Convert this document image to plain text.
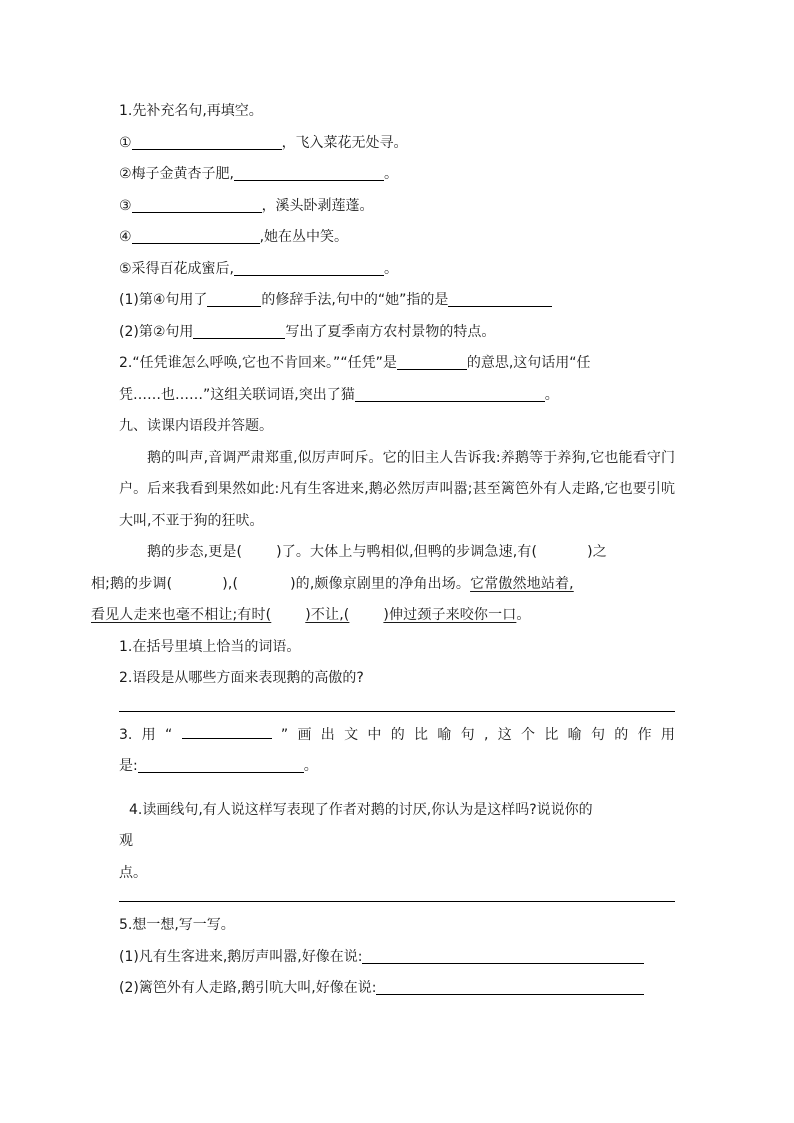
1.先补充名句,再填空。
①	，飞入菜花无处寻。
②梅子金黄杏子肥,	。
③	，溪头卧剥莲蓬。
④	,她在丛中笑。
⑤采得百花成蜜后,	。
(1)第④句用了	的修辞手法,句中的“她”指的是
(2)第②句用	写出了夏季南方农村景物的特点。
2.“任凭谁怎么呼唤,它也不肯回来。”“任凭”是	的意思,这句话用“任
凭……也……”这组关联词语,突出了猫	。
九、读课内语段并答题。
鹅的叫声,音调严肃郑重,似厉声呵斥。它的旧主人告诉我:养鹅等于养狗,它也能看守门户。后来我看到果然如此:凡有生客进来,鹅必然厉声叫嚣;甚至篱笆外有人走路,它也要引吭大叫,不亚于狗的狂吠。
鹅的步态,更是( )了。大体上与鸭相似,但鸭的步调急速,有(	)之
相;鹅的步调(	),(	)的,颇像京剧里的净角出场。它常傲然地站着,
看见人走来也毫不相让;有时( )不让,( )伸过颈子来咬你一口。
1.在括号里填上恰当的词语。
2.语段是从哪些方面来表现鹅的高傲的?
3. 用 “	” 画 出 文 中 的 比 喻 句 , 这 个 比 喻 句 的 作 用
是:	。
4.读画线句,有人说这样写表现了作者对鹅的讨厌,你认为是这样吗?说说你的
观
点。
5.想一想,写一写。
(1)凡有生客进来,鹅厉声叫嚣,好像在说:
(2)篱笆外有人走路,鹅引吭大叫,好像在说:
